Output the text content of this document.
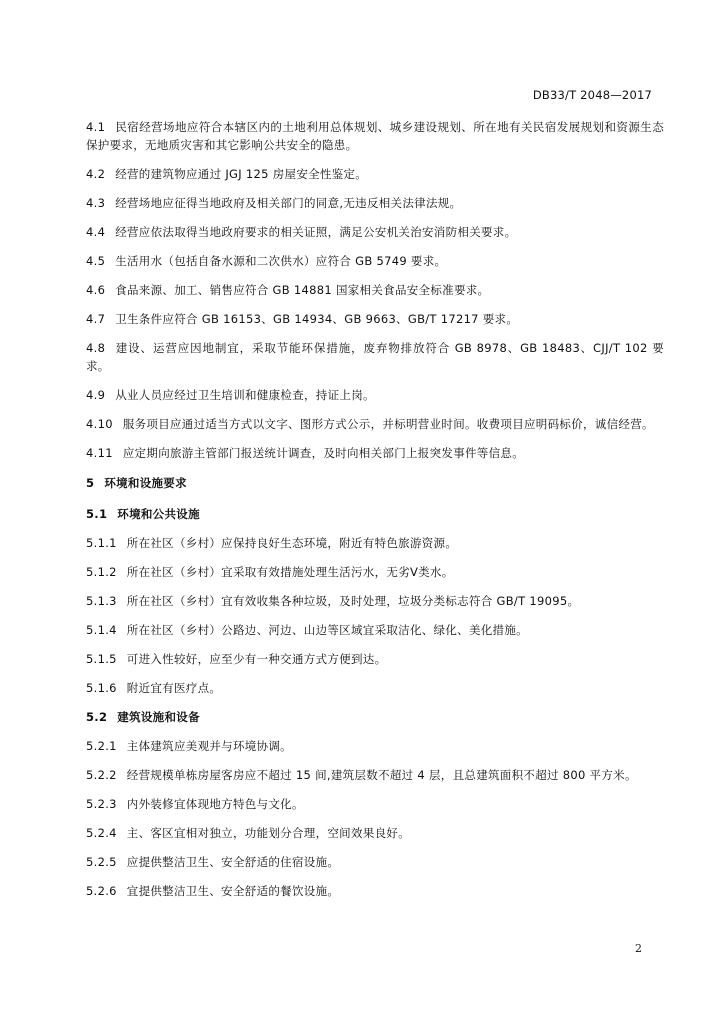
DB33/T 2048—2017
4.1 民宿经营场地应符合本辖区内的土地利用总体规划、城乡建设规划、所在地有关民宿发展规划和资源生态保护要求，无地质灾害和其它影响公共安全的隐患。
4.2 经营的建筑物应通过 JGJ 125 房屋安全性鉴定。
4.3 经营场地应征得当地政府及相关部门的同意,无违反相关法律法规。
4.4 经营应依法取得当地政府要求的相关证照，满足公安机关治安消防相关要求。
4.5 生活用水（包括自备水源和二次供水）应符合 GB 5749 要求。
4.6 食品来源、加工、销售应符合 GB 14881 国家相关食品安全标准要求。
4.7 卫生条件应符合 GB 16153、GB 14934、GB 9663、GB/T 17217 要求。
4.8 建设、运营应因地制宜，采取节能环保措施，废弃物排放符合 GB 8978、GB 18483、CJJ/T 102 要求。
4.9 从业人员应经过卫生培训和健康检查，持证上岗。
4.10 服务项目应通过适当方式以文字、图形方式公示，并标明营业时间。收费项目应明码标价，诚信经营。
4.11 应定期向旅游主管部门报送统计调查，及时向相关部门上报突发事件等信息。
5 环境和设施要求
5.1 环境和公共设施
5.1.1 所在社区（乡村）应保持良好生态环境，附近有特色旅游资源。
5.1.2 所在社区（乡村）宜采取有效措施处理生活污水，无劣Ⅴ类水。
5.1.3 所在社区（乡村）宜有效收集各种垃圾，及时处理，垃圾分类标志符合 GB/T 19095。
5.1.4 所在社区（乡村）公路边、河边、山边等区域宜采取洁化、绿化、美化措施。
5.1.5 可进入性较好，应至少有一种交通方式方便到达。
5.1.6 附近宜有医疗点。
5.2 建筑设施和设备
5.2.1 主体建筑应美观并与环境协调。
5.2.2 经营规模单栋房屋客房应不超过 15 间,建筑层数不超过 4 层，且总建筑面积不超过 800 平方米。
5.2.3 内外装修宜体现地方特色与文化。
5.2.4 主、客区宜相对独立，功能划分合理，空间效果良好。
5.2.5 应提供整洁卫生、安全舒适的住宿设施。
5.2.6 宜提供整洁卫生、安全舒适的餐饮设施。
2
